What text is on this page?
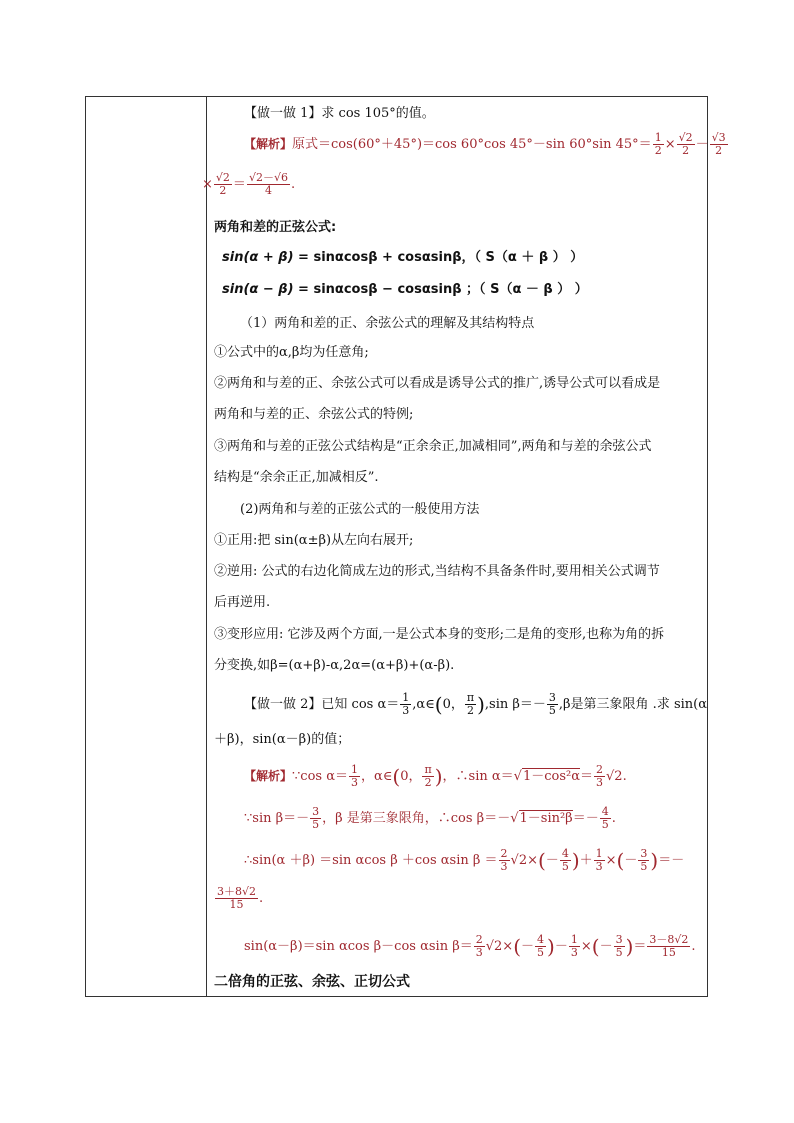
【做一做 1】求 cos 105°的值。
【解析】原式＝cos(60°＋45°)＝cos 60°cos 45°－sin 60°sin $45^\circ= \frac{1}{2} \times \frac{√2}{2} - \frac{√3}{2}$
× $\frac{√2}{2} = \frac{√2-√6}{4}$ .
两角和差的正弦公式:
sin(α + β) = sinαcosβ + cosαsinβ，（ S（α ＋ β ） ）
sin(α − β) = sinαcosβ − cosαsinβ ；（ S（α － β ） ）
（1）两角和差的正、余弦公式的理解及其结构特点
①公式中的α,β均为任意角;
②两角和与差的正、余弦公式可以看成是诱导公式的推广,诱导公式可以看成是
两角和与差的正、余弦公式的特例;
③两角和与差的正弦公式结构是“正余余正,加减相同”,两角和与差的余弦公式
结构是“余余正正,加减相反”.
(2)两角和与差的正弦公式的一般使用方法
①正用:把 sin(α±β)从左向右展开;
②逆用: 公式的右边化简成左边的形式,当结构不具备条件时,要用相关公式调节
后再逆用.
③变形应用: 它涉及两个方面,一是公式本身的变形;二是角的变形,也称为角的拆
分变换,如β=(α+β)-α,2α=(α+β)+(α-β).
【做一做 2】已知 $\cos \alpha= \frac{1}{3}$ ,α∈(0， $\frac{\pi}{2} ),\sin$ $\beta=- \frac{3}{5} ,\beta$是第三象限角 .求 sin(α
＋β)，sin(α－β)的值；
【解析】∵cos $\alpha= \frac{1}{3}$ ，α∈(0， $\frac{\pi}{2}$ )，∴sin $\alpha=√1-\cos^2\alpha= \frac{2}{3} √2$.
∵sin $\beta=- \frac{3}{5}$ ，β 是第三象限角，∴cos $\beta=-√1-\sin^2\beta=- \frac{4}{5}$ .
∴sin(α ＋β) ＝sin αcos β ＋cos αsin $\beta = \frac{2}{3} √2\times(- \frac{4}{5}$ )＋ $\frac{1}{3}$ ×(－ $\frac{3}{5}$ )＝－
$\frac{3+8√2}{15}$ .
sin(α－β)＝sin αcos β－cos αsin $\beta= \frac{2}{3} √2\times(- \frac{4}{5}$ )－ $\frac{1}{3}$ ×(－ $\frac{3}{5}$ )＝ $\frac{3-8√2}{15}$ .
二倍角的正弦、余弦、正切公式
